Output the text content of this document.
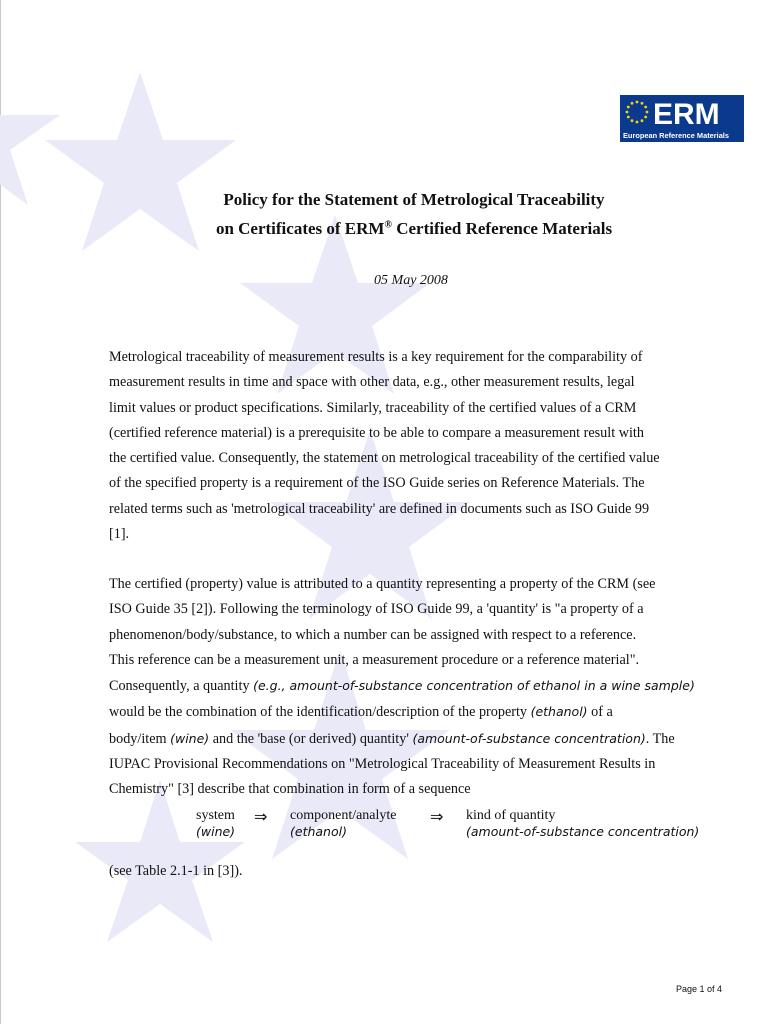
ERM
European Reference Materials
Policy for the Statement of Metrological Traceability
on Certificates of ERM® Certified Reference Materials
05 May 2008
Metrological traceability of measurement results is a key requirement for the comparability of
measurement results in time and space with other data, e.g., other measurement results, legal
limit values or product specifications. Similarly, traceability of the certified values of a CRM
(certified reference material) is a prerequisite to be able to compare a measurement result with
the certified value. Consequently, the statement on metrological traceability of the certified value
of the specified property is a requirement of the ISO Guide series on Reference Materials. The
related terms such as 'metrological traceability' are defined in documents such as ISO Guide 99
[1].
The certified (property) value is attributed to a quantity representing a property of the CRM (see
ISO Guide 35 [2]). Following the terminology of ISO Guide 99, a 'quantity' is "a property of a
phenomenon/body/substance, to which a number can be assigned with respect to a reference.
This reference can be a measurement unit, a measurement procedure or a reference material".
Consequently, a quantity (e.g., amount-of-substance concentration of ethanol in a wine sample)
would be the combination of the identification/description of the property (ethanol) of a
body/item (wine) and the 'base (or derived) quantity' (amount-of-substance concentration). The
IUPAC Provisional Recommendations on "Metrological Traceability of Measurement Results in
Chemistry" [3] describe that combination in form of a sequence
system
(wine)
⇒ component/analyte
(ethanol)
⇒ kind of quantity
(amount-of-substance concentration)
(see Table 2.1-1 in [3]).
Page 1 of 4
